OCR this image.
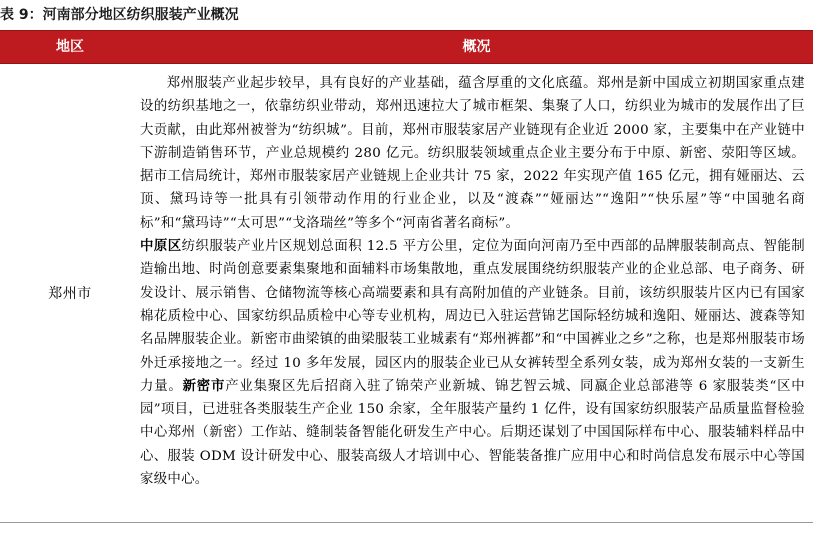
表 9：河南部分地区纺织服装产业概况
地区	概况
郑州市
郑州服装产业起步较早，具有良好的产业基础，蕴含厚重的文化底蕴。郑州是新中国成立初期国家重点建设的纺织基地之一，依靠纺织业带动，郑州迅速拉大了城市框架、集聚了人口，纺织业为城市的发展作出了巨大贡献，由此郑州被誉为“纺织城”。目前，郑州市服装家居产业链现有企业近 2000 家，主要集中在产业链中下游制造销售环节，产业总规模约 280 亿元。纺织服装领域重点企业主要分布于中原、新密、荥阳等区域。据市工信局统计，郑州市服装家居产业链规上企业共计 75 家，2022 年实现产值 165 亿元，拥有娅丽达、云顶、黛玛诗等一批具有引领带动作用的行业企业，以及“渡森”“娅丽达”“逸阳”“快乐屋”等“中国驰名商标”和“黛玛诗”“太可思”“戈洛瑞丝”等多个“河南省著名商标”。
中原区纺织服装产业片区规划总面积 12.5 平方公里，定位为面向河南乃至中西部的品牌服装制高点、智能制造输出地、时尚创意要素集聚地和面辅料市场集散地，重点发展围绕纺织服装产业的企业总部、电子商务、研发设计、展示销售、仓储物流等核心高端要素和具有高附加值的产业链条。目前，该纺织服装片区内已有国家棉花质检中心、国家纺织品质检中心等专业机构，周边已入驻运营锦艺国际轻纺城和逸阳、娅丽达、渡森等知名品牌服装企业。新密市曲梁镇的曲梁服装工业城素有“郑州裤都”和“中国裤业之乡”之称，也是郑州服装市场外迁承接地之一。经过 10 多年发展，园区内的服装企业已从女裤转型全系列女装，成为郑州女装的一支新生力量。新密市产业集聚区先后招商入驻了锦荣产业新城、锦艺智云城、同嬴企业总部港等 6 家服装类“区中园”项目，已进驻各类服装生产企业 150 余家，全年服装产量约 1 亿件，设有国家纺织服装产品质量监督检验中心郑州（新密）工作站、缝制装备智能化研发生产中心。后期还谋划了中国国际样布中心、服装辅料样品中心、服装 ODM 设计研发中心、服装高级人才培训中心、智能装备推广应用中心和时尚信息发布展示中心等国家级中心。
